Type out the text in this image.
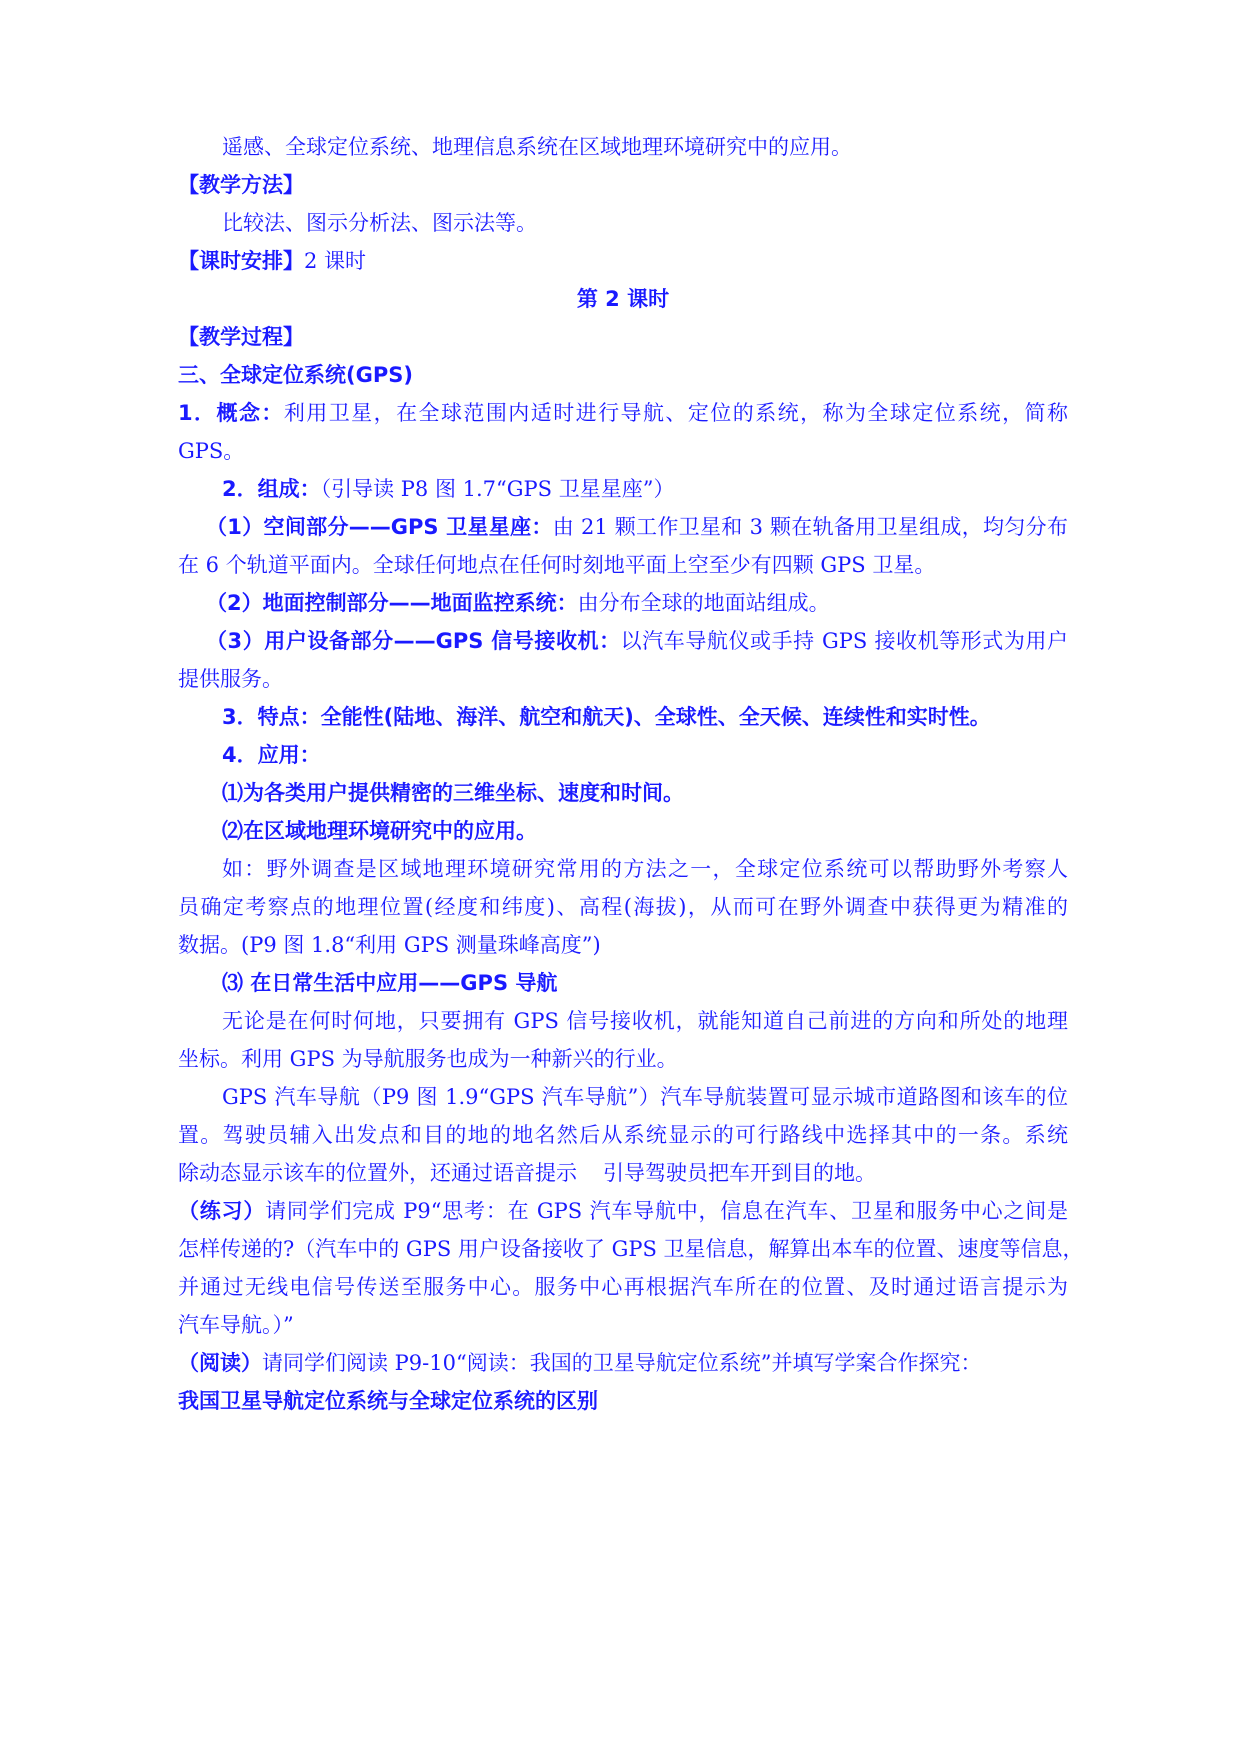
遥感、全球定位系统、地理信息系统在区域地理环境研究中的应用。
【教学方法】
比较法、图示分析法、图示法等。
【课时安排】2 课时
第 2 课时
【教学过程】
三、全球定位系统(GPS)
1．概念：利用卫星，在全球范围内适时进行导航、定位的系统，称为全球定位系统，简称
GPS。
2．组成：（引导读 P8 图 1.7“GPS 卫星星座”）
（1）空间部分——GPS 卫星星座：由 21 颗工作卫星和 3 颗在轨备用卫星组成，均匀分布
在 6 个轨道平面内。全球任何地点在任何时刻地平面上空至少有四颗 GPS 卫星。
（2）地面控制部分——地面监控系统：由分布全球的地面站组成。
（3）用户设备部分——GPS 信号接收机：以汽车导航仪或手持 GPS 接收机等形式为用户
提供服务。
3．特点：全能性(陆地、海洋、航空和航天)、全球性、全天候、连续性和实时性。
4．应用：
⑴为各类用户提供精密的三维坐标、速度和时间。
⑵在区域地理环境研究中的应用。
如：野外调查是区域地理环境研究常用的方法之一，全球定位系统可以帮助野外考察人
员确定考察点的地理位置(经度和纬度)、高程(海拔)，从而可在野外调查中获得更为精准的
数据。(P9 图 1.8“利用 GPS 测量珠峰高度”)
⑶ 在日常生活中应用——GPS 导航
无论是在何时何地，只要拥有 GPS 信号接收机，就能知道自己前进的方向和所处的地理
坐标。利用 GPS 为导航服务也成为一种新兴的行业。
GPS 汽车导航（P9 图 1.9“GPS 汽车导航”）汽车导航装置可显示城市道路图和该车的位
置。驾驶员辅入出发点和目的地的地名然后从系统显示的可行路线中选择其中的一条。系统
除动态显示该车的位置外，还通过语音提示 引导驾驶员把车开到目的地。
（练习）请同学们完成 P9“思考：在 GPS 汽车导航中，信息在汽车、卫星和服务中心之间是
怎样传递的?（汽车中的 GPS 用户设备接收了 GPS 卫星信息，解算出本车的位置、速度等信息，
并通过无线电信号传送至服务中心。服务中心再根据汽车所在的位置、及时通过语言提示为
汽车导航。）”
（阅读）请同学们阅读 P9-10“阅读：我国的卫星导航定位系统”并填写学案合作探究：
我国卫星导航定位系统与全球定位系统的区别
